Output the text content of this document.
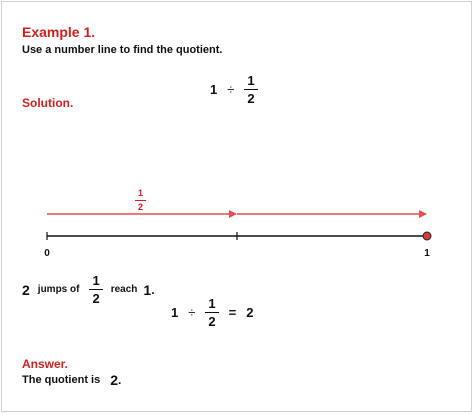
Example 1.
Use a number line to find the quotient.
$1 \div \frac{1}{2}$
Solution.
0	1
$\frac{1}{2}$
2 jumps of $\frac{1}{2}$ reach 1 .
$1 \div \frac{1}{2} = 2$
Answer.
The quotient is 2 .
